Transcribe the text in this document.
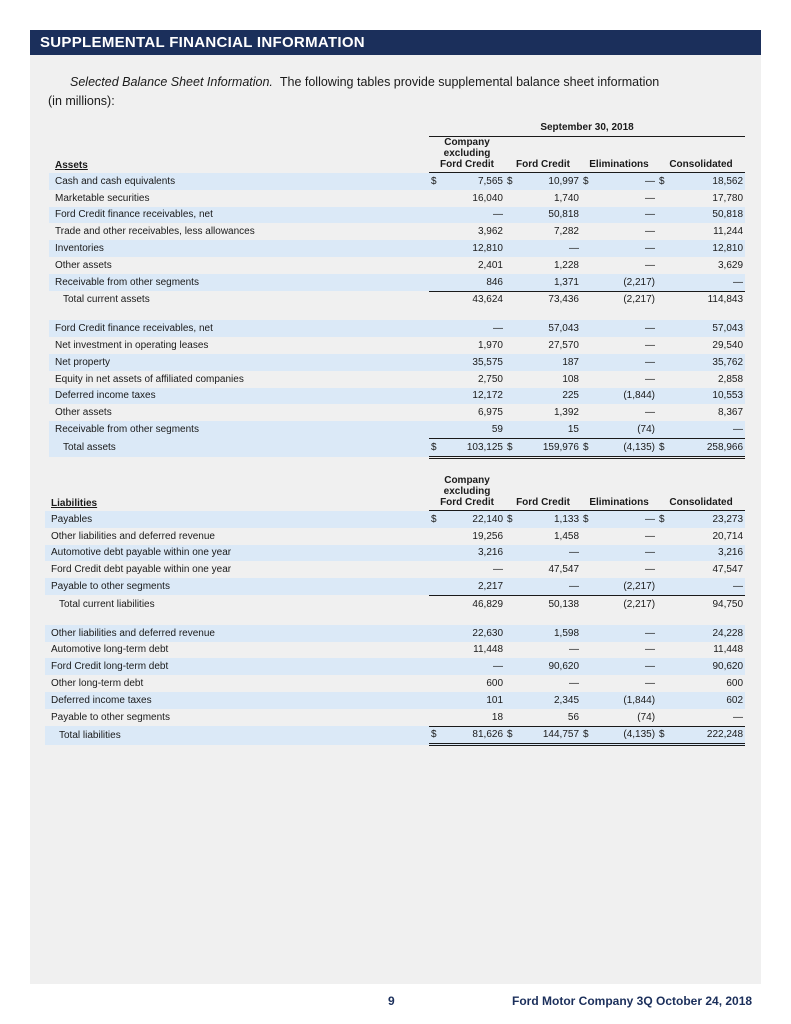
SUPPLEMENTAL FINANCIAL INFORMATION
Selected Balance Sheet Information. The following tables provide supplemental balance sheet information
(in millions):
	September 30, 2018							
Assets	Company
excluding
Ford Credit		Ford Credit		Eliminations		Consolidated	
Cash and cash equivalents	$	7,565	$	10,997	$	—	$	18,562
Marketable securities		16,040		1,740		—		17,780
Ford Credit finance receivables, net		—		50,818		—		50,818
Trade and other receivables, less allowances		3,962		7,282		—		11,244
Inventories		12,810		—		—		12,810
Other assets		2,401		1,228		—		3,629
Receivable from other segments		846		1,371		(2,217)		—
Total current assets		43,624		73,436		(2,217)		114,843

Ford Credit finance receivables, net		—		57,043		—		57,043
Net investment in operating leases		1,970		27,570		—		29,540
Net property		35,575		187		—		35,762
Equity in net assets of affiliated companies		2,750		108		—		2,858
Deferred income taxes		12,172		225		(1,844)		10,553
Other assets		6,975		1,392		—		8,367
Receivable from other segments		59		15		(74)		—
Total assets	$	103,125	$	159,976	$	(4,135)	$	258,966
Liabilities	Company
excluding
Ford Credit		Ford Credit		Eliminations		Consolidated	
Payables	$	22,140	$	1,133	$	—	$	23,273
Other liabilities and deferred revenue		19,256		1,458		—		20,714
Automotive debt payable within one year		3,216		—		—		3,216
Ford Credit debt payable within one year		—		47,547		—		47,547
Payable to other segments		2,217		—		(2,217)		—
Total current liabilities		46,829		50,138		(2,217)		94,750

Other liabilities and deferred revenue		22,630		1,598		—		24,228
Automotive long-term debt		11,448		—		—		11,448
Ford Credit long-term debt		—		90,620		—		90,620
Other long-term debt		600		—		—		600
Deferred income taxes		101		2,345		(1,844)		602
Payable to other segments		18		56		(74)		—
Total liabilities	$	81,626	$	144,757	$	(4,135)	$	222,248
9	Ford Motor Company 3Q October 24, 2018
